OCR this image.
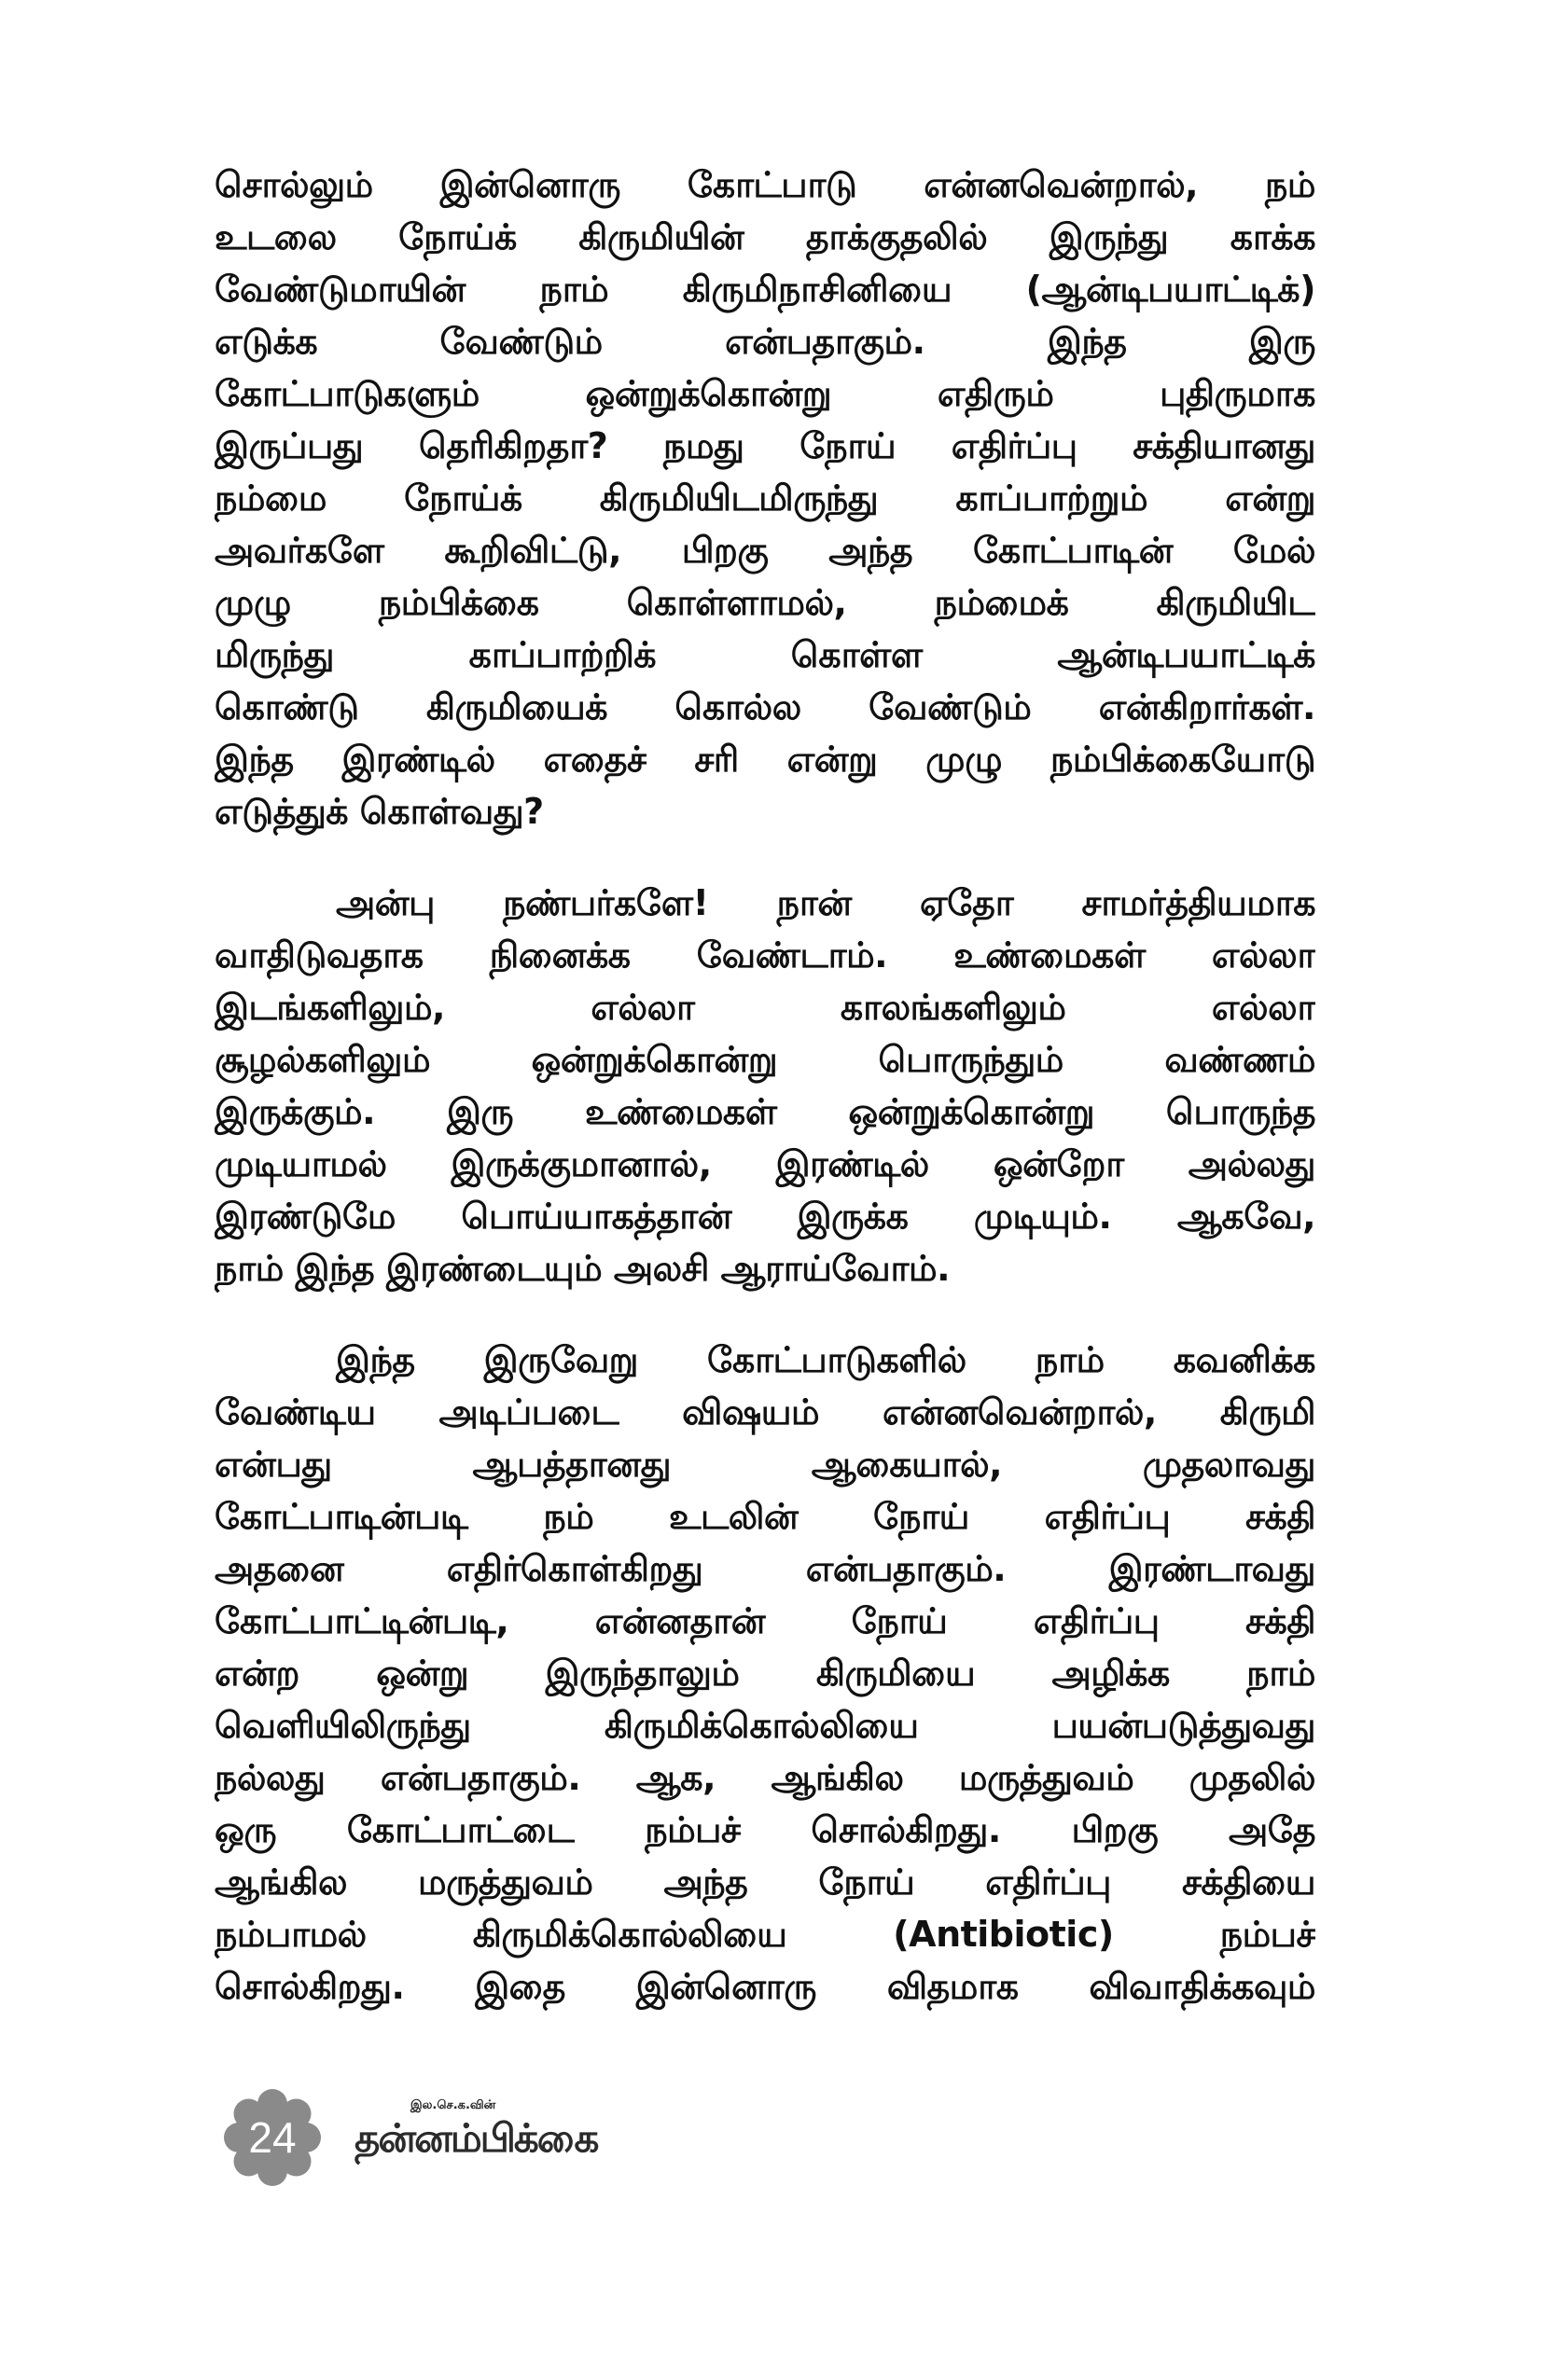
சொல்லும் இன்னொரு கோட்பாடு என்னவென்றால், நம்
உடலை நோய்க் கிருமியின் தாக்குதலில் இருந்து காக்க
வேண்டுமாயின் நாம் கிருமிநாசினியை (ஆன்டிபயாட்டிக்)
எடுக்க வேண்டும் என்பதாகும். இந்த இரு
கோட்பாடுகளும் ஒன்றுக்கொன்று எதிரும் புதிருமாக
இருப்பது தெரிகிறதா? நமது நோய் எதிர்ப்பு சக்தியானது
நம்மை நோய்க் கிருமியிடமிருந்து காப்பாற்றும் என்று
அவர்களே கூறிவிட்டு, பிறகு அந்த கோட்பாடின் மேல்
முழு நம்பிக்கை கொள்ளாமல், நம்மைக் கிருமியிட
மிருந்து காப்பாற்றிக் கொள்ள ஆன்டிபயாட்டிக்
கொண்டு கிருமியைக் கொல்ல வேண்டும் என்கிறார்கள்.
இந்த இரண்டில் எதைச் சரி என்று முழு நம்பிக்கையோடு
எடுத்துக் கொள்வது?
அன்பு நண்பர்களே! நான் ஏதோ சாமர்த்தியமாக
வாதிடுவதாக நினைக்க வேண்டாம். உண்மைகள் எல்லா
இடங்களிலும், எல்லா காலங்களிலும் எல்லா
சூழல்களிலும் ஒன்றுக்கொன்று பொருந்தும் வண்ணம்
இருக்கும். இரு உண்மைகள் ஒன்றுக்கொன்று பொருந்த
முடியாமல் இருக்குமானால், இரண்டில் ஒன்றோ அல்லது
இரண்டுமே பொய்யாகத்தான் இருக்க முடியும். ஆகவே,
நாம் இந்த இரண்டையும் அலசி ஆராய்வோம்.
இந்த இருவேறு கோட்பாடுகளில் நாம் கவனிக்க
வேண்டிய அடிப்படை விஷயம் என்னவென்றால், கிருமி
என்பது ஆபத்தானது ஆகையால், முதலாவது
கோட்பாடின்படி நம் உடலின் நோய் எதிர்ப்பு சக்தி
அதனை எதிர்கொள்கிறது என்பதாகும். இரண்டாவது
கோட்பாட்டின்படி, என்னதான் நோய் எதிர்ப்பு சக்தி
என்ற ஒன்று இருந்தாலும் கிருமியை அழிக்க நாம்
வெளியிலிருந்து கிருமிக்கொல்லியை பயன்படுத்துவது
நல்லது என்பதாகும். ஆக, ஆங்கில மருத்துவம் முதலில்
ஒரு கோட்பாட்டை நம்பச் சொல்கிறது. பிறகு அதே
ஆங்கில மருத்துவம் அந்த நோய் எதிர்ப்பு சக்தியை
நம்பாமல் கிருமிக்கொல்லியை (Antibiotic) நம்பச்
சொல்கிறது. இதை இன்னொரு விதமாக விவாதிக்கவும்
24
இல.செ.க.வின்
தன்னம்பிக்கை
